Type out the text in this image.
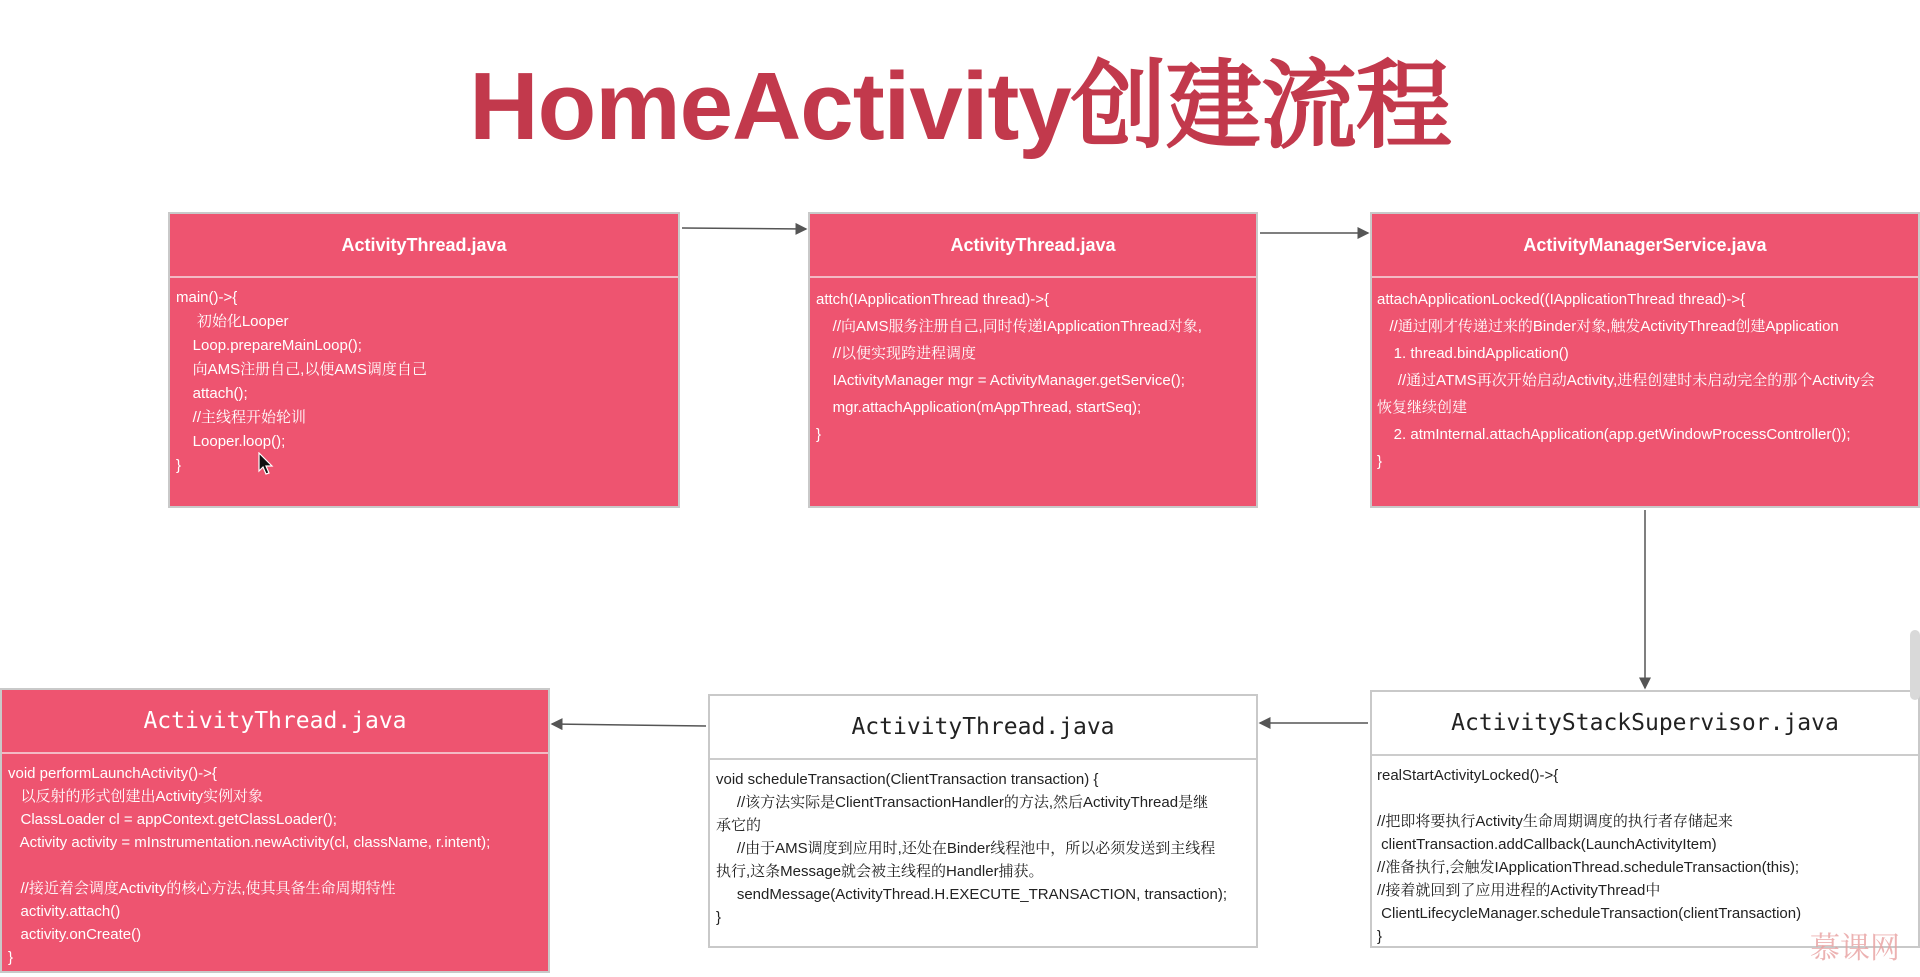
HomeActivity创建流程
ActivityThread.java
main()->{
初始化Looper
Loop.prepareMainLoop();
向AMS注册自己,以便AMS调度自己
attach();
//主线程开始轮训
Looper.loop();
}
ActivityThread.java
attch(IApplicationThread thread)->{
//向AMS服务注册自己,同时传递IApplicationThread对象,
//以便实现跨进程调度
IActivityManager mgr = ActivityManager.getService();
mgr.attachApplication(mAppThread, startSeq);
}
ActivityManagerService.java
attachApplicationLocked((IApplicationThread thread)->{
//通过刚才传递过来的Binder对象,触发ActivityThread创建Application
1. thread.bindApplication()
//通过ATMS再次开始启动Activity,进程创建时未启动完全的那个Activity会
恢复继续创建
2. atmInternal.attachApplication(app.getWindowProcessController());
}
ActivityStackSupervisor.java
realStartActivityLocked()->{
//把即将要执行Activity生命周期调度的执行者存储起来
clientTransaction.addCallback(LaunchActivityItem)
//准备执行,会触发IApplicationThread.scheduleTransaction(this);
//接着就回到了应用进程的ActivityThread中
ClientLifecycleManager.scheduleTransaction(clientTransaction)
}
ActivityThread.java
void scheduleTransaction(ClientTransaction transaction) {
//该方法实际是ClientTransactionHandler的方法,然后ActivityThread是继
承它的
//由于AMS调度到应用时,还处在Binder线程池中，所以必须发送到主线程
执行,这条Message就会被主线程的Handler捕获。
sendMessage(ActivityThread.H.EXECUTE_TRANSACTION, transaction);
}
ActivityThread.java
void performLaunchActivity()->{
以反射的形式创建出Activity实例对象
ClassLoader cl = appContext.getClassLoader();
Activity activity = mInstrumentation.newActivity(cl, className, r.intent);
//接近着会调度Activity的核心方法,使其具备生命周期特性
activity.attach()
activity.onCreate()
}	慕课网
